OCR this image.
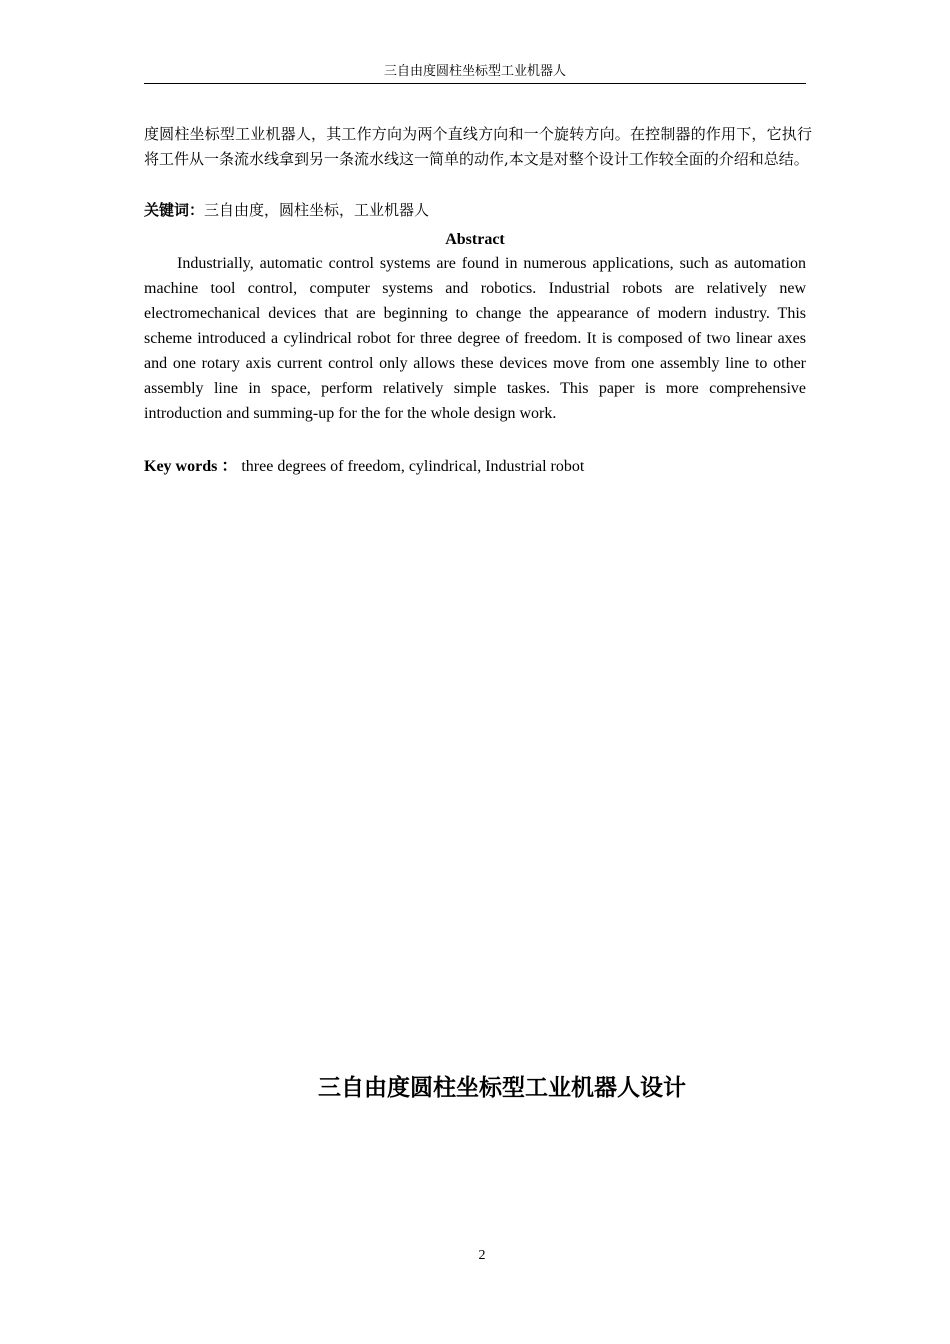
三自由度圆柱坐标型工业机器人
度圆柱坐标型工业机器人，其工作方向为两个直线方向和一个旋转方向。在控制器的作用下，它执行将工件从一条流水线拿到另一条流水线这一简单的动作,本文是对整个设计工作较全面的介绍和总结。
关键词：三自由度，圆柱坐标，工业机器人
Abstract
Industrially, automatic control systems are found in numerous applications, such as automation machine tool control, computer systems and robotics. Industrial robots are relatively new electromechanical devices that are beginning to change the appearance of modern industry. This scheme introduced a cylindrical robot for three degree of freedom. It is composed of two linear axes and one rotary axis current control only allows these devices move from one assembly line to other assembly line in space, perform relatively simple taskes. This paper is more comprehensive introduction and summing-up for the for the whole design work.
Key words ： three degrees of freedom, cylindrical, Industrial robot
三自由度圆柱坐标型工业机器人设计
2
